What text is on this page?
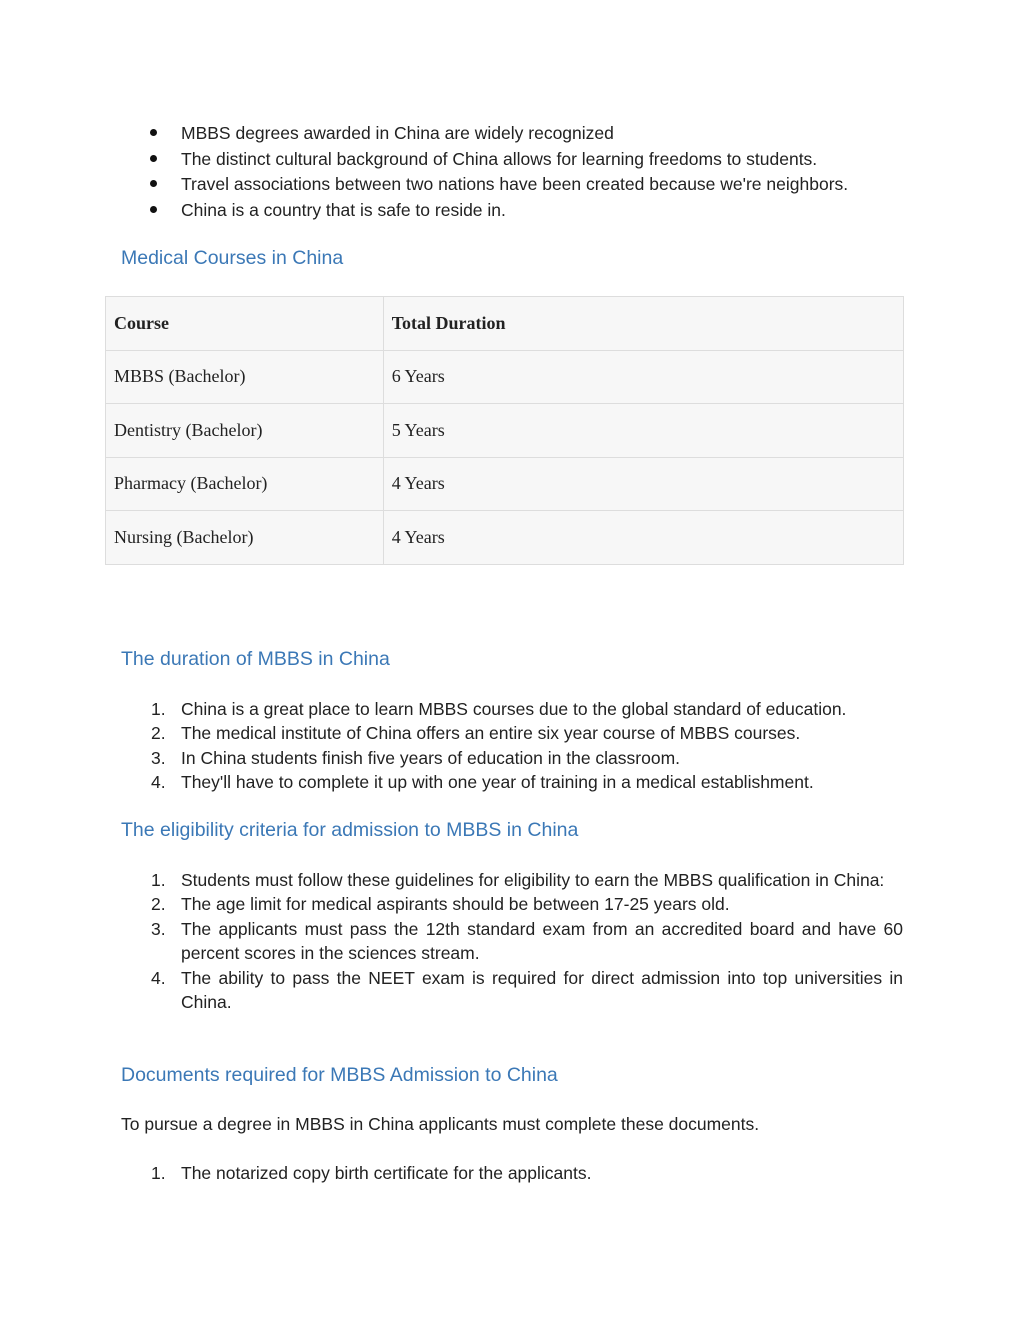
MBBS degrees awarded in China are widely recognized
The distinct cultural background of China allows for learning freedoms to students.
Travel associations between two nations have been created because we're neighbors.
China is a country that is safe to reside in.
Medical Courses in China
Course	Total Duration
MBBS (Bachelor)	6 Years
Dentistry (Bachelor)	5 Years
Pharmacy (Bachelor)	4 Years
Nursing (Bachelor)	4 Years
The duration of MBBS in China
1. China is a great place to learn MBBS courses due to the global standard of education.
2. The medical institute of China offers an entire six year course of MBBS courses.
3. In China students finish five years of education in the classroom.
4. They'll have to complete it up with one year of training in a medical establishment.
The eligibility criteria for admission to MBBS in China
1. Students must follow these guidelines for eligibility to earn the MBBS qualification in China:
2. The age limit for medical aspirants should be between 17-25 years old.
3. The applicants must pass the 12th standard exam from an accredited board and have 60 percent scores in the sciences stream.
4. The ability to pass the NEET exam is required for direct admission into top universities in China.
Documents required for MBBS Admission to China

To pursue a degree in MBBS in China applicants must complete these documents.

1. The notarized copy birth certificate for the applicants.
